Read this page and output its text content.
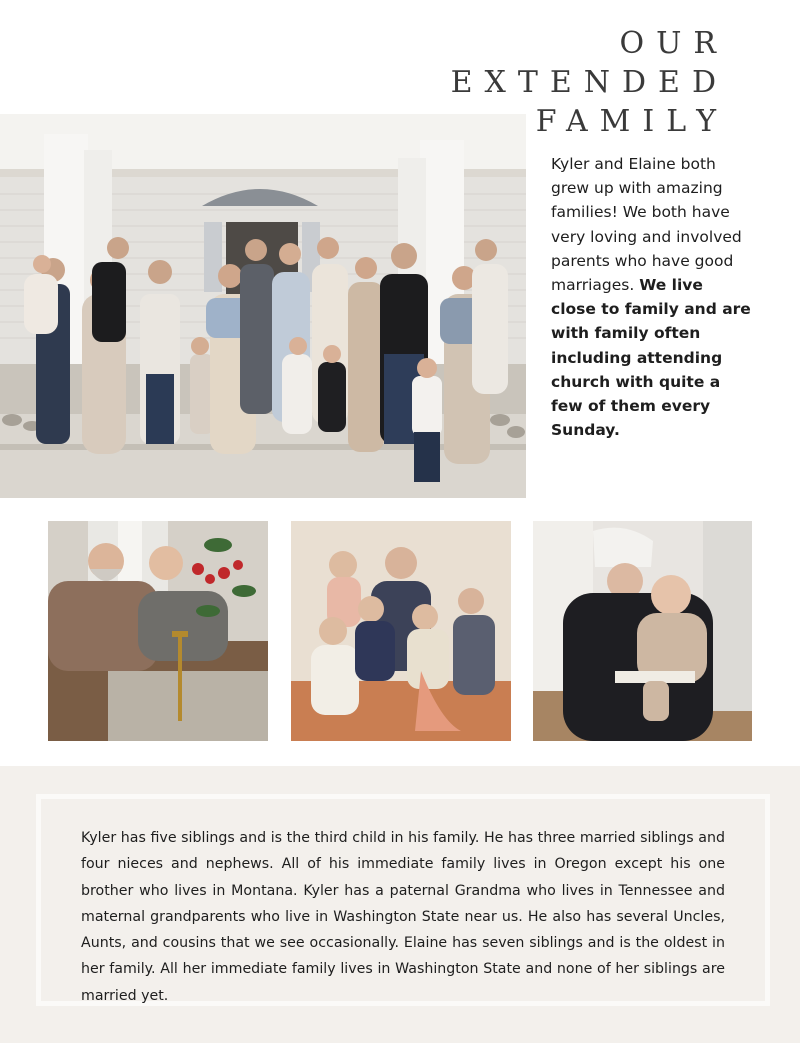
OUR
EXTENDED
FAMILY
Kyler and Elaine both grew up with amazing families! We both have very loving and involved parents who have good marriages. We live close to family and are with family often including attending church with quite a few of them every Sunday.

Kyler has five siblings and is the third child in his family. He has three married siblings and four nieces and nephews. All of his immediate family lives in Oregon except his one brother who lives in Montana. Kyler has a paternal Grandma who lives in Tennessee and maternal grandparents who live in Washington State near us. He also has several Uncles, Aunts, and cousins that we see occasionally. Elaine has seven siblings and is the oldest in her family. All her immediate family lives in Washington State and none of her siblings are married yet.
